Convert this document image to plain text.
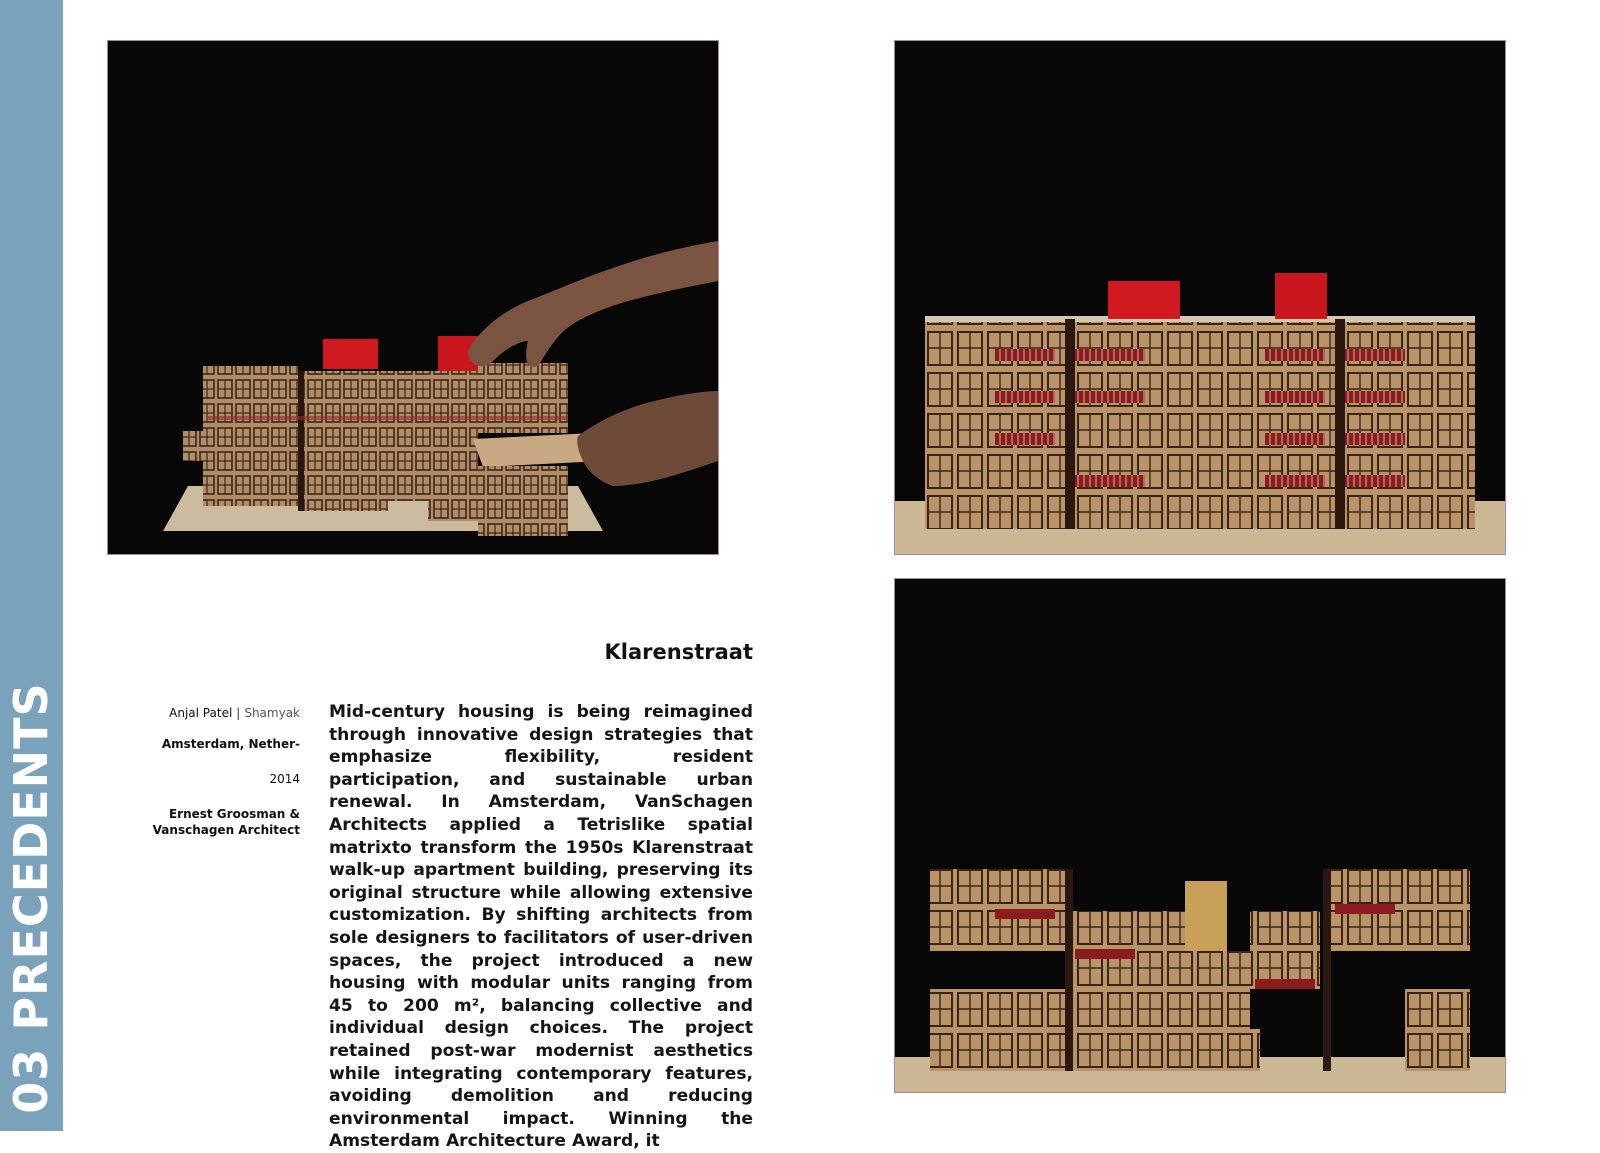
03 PRECEDENTS
Klarenstraat
Anjal Patel | Shamyak
Amsterdam, Nether-
2014
Ernest Groosman & Vanschagen Architect

Mid-century housing is being reimagined through innovative design strategies that emphasize flexibility, resident participation, and sustainable urban renewal. In Amsterdam, VanSchagen Architects applied a Tetrislike spatial matrixto transform the 1950s Klarenstraat walk-up apartment building, preserving its original structure while allowing extensive customization. By shifting architects from sole designers to facilitators of user-driven spaces, the project introduced a new housing with modular units ranging from 45 to 200 m², balancing collective and individual design choices. The project retained post-war modernist aesthetics while integrating contemporary features, avoiding demolition and reducing environmental impact. Winning the Amsterdam Architecture Award, it
